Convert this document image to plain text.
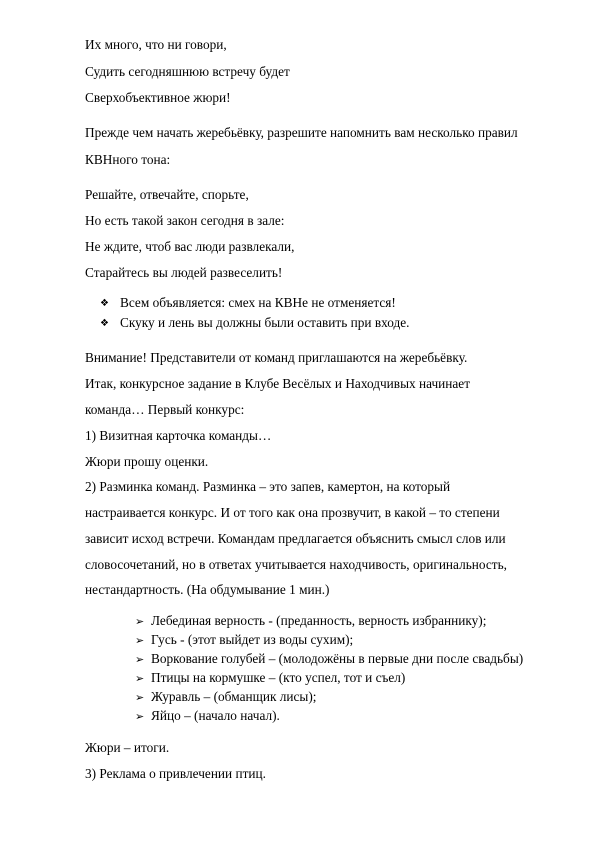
Их много, что ни говори,
Судить сегодняшнюю встречу будет
Сверхобъективное жюри!
Прежде чем начать жеребьёвку, разрешите напомнить вам несколько правил
КВНного тона:
Решайте, отвечайте, спорьте,
Но есть такой закон сегодня в зале:
Не ждите, чтоб вас люди развлекали,
Старайтесь вы людей развеселить!
❖ Всем объявляется: смех на КВНе не отменяется!
❖ Скуку и лень вы должны были оставить при входе.
Внимание! Представители от команд приглашаются на жеребьёвку.
Итак, конкурсное задание в Клубе Весёлых и Находчивых начинает
команда… Первый конкурс:
1) Визитная карточка команды…
Жюри прошу оценки.
2) Разминка команд. Разминка – это запев, камертон, на который
настраивается конкурс. И от того как она прозвучит, в какой – то степени
зависит исход встречи. Командам предлагается объяснить смысл слов или
словосочетаний, но в ответах учитывается находчивость, оригинальность,
нестандартность. (На обдумывание 1 мин.)
➢ Лебединая верность - (преданность, верность избраннику);
➢ Гусь - (этот выйдет из воды сухим);
➢ Воркование голубей – (молодожёны в первые дни после свадьбы)
➢ Птицы на кормушке – (кто успел, тот и съел)
➢ Журавль – (обманщик лисы);
➢ Яйцо – (начало начал).
Жюри – итоги.
3) Реклама о привлечении птиц.
